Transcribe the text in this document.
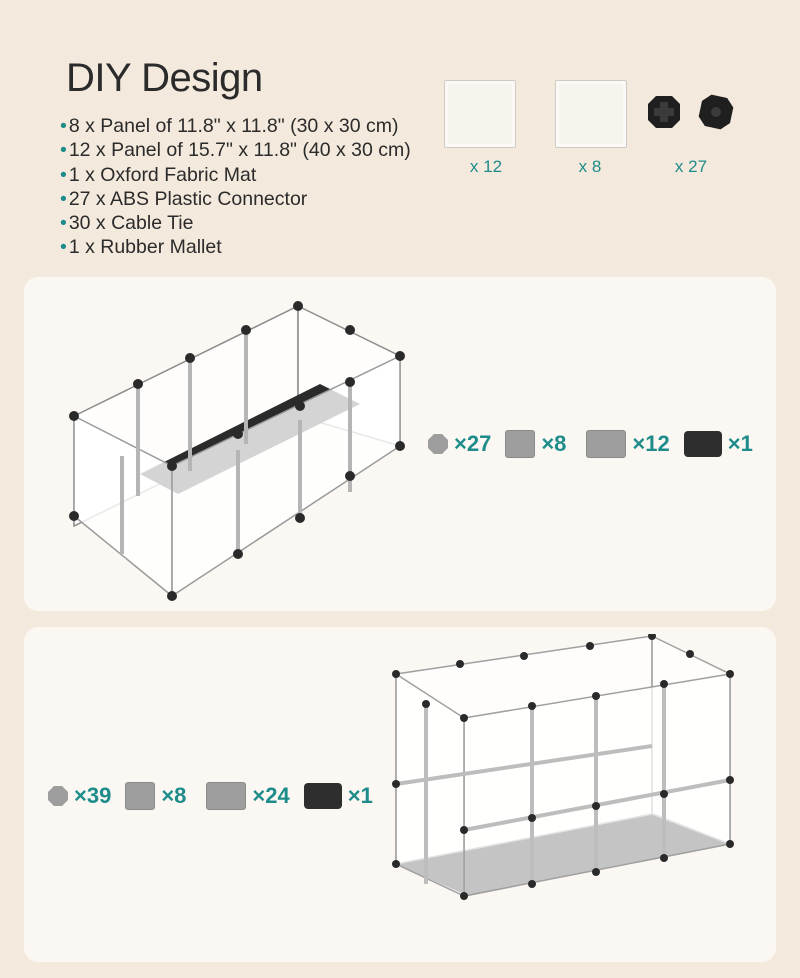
DIY Design
• 8 x Panel of 11.8" x 11.8" (30 x 30 cm)
• 12 x Panel of 15.7" x 11.8" (40 x 30 cm)
• 1 x Oxford Fabric Mat
• 27 x ABS Plastic Connector
• 30 x Cable Tie
• 1 x Rubber Mallet
x 12	x 8	x 27
×27 ×8	×12	×1
×39 ×8	×24	×1
